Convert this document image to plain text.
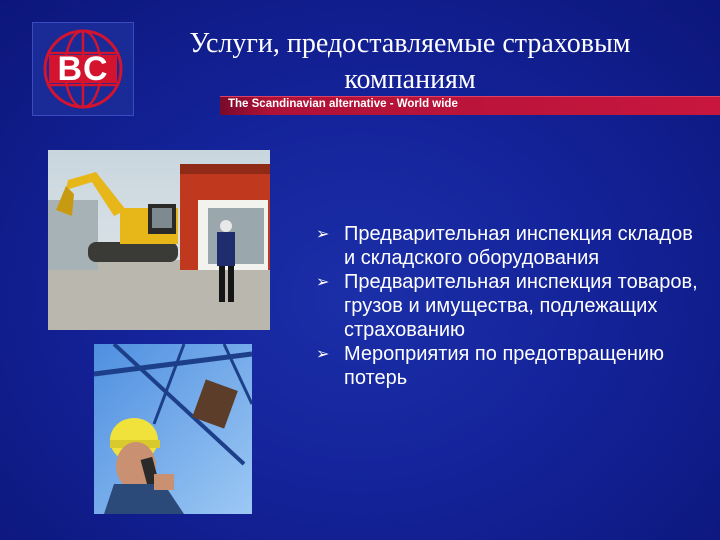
BC
Услуги, предоставляемые страховым компаниям
The Scandinavian alternative - World wide
➢ Предварительная инспекция складов и складского оборудования
➢ Предварительная инспекция товаров, грузов и имущества, подлежащих страхованию
➢ Мероприятия по предотвращению потерь
